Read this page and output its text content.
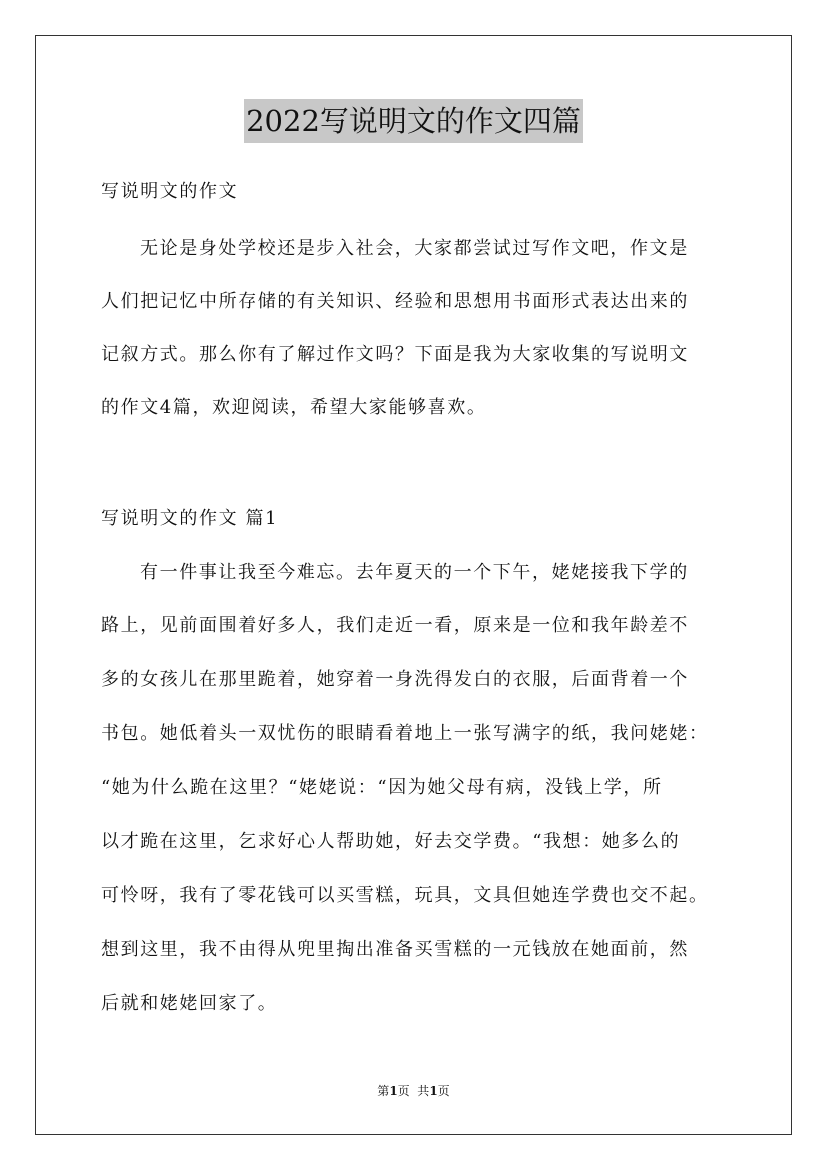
2022写说明文的作文四篇
写说明文的作文
无论是身处学校还是步入社会，大家都尝试过写作文吧，作文是
人们把记忆中所存储的有关知识、经验和思想用书面形式表达出来的
记叙方式。那么你有了解过作文吗？下面是我为大家收集的写说明文
的作文4篇，欢迎阅读，希望大家能够喜欢。
写说明文的作文 篇1
有一件事让我至今难忘。去年夏天的一个下午，姥姥接我下学的
路上，见前面围着好多人，我们走近一看，原来是一位和我年龄差不
多的女孩儿在那里跪着，她穿着一身洗得发白的衣服，后面背着一个
书包。她低着头一双忧伤的眼睛看着地上一张写满字的纸，我问姥姥：
“她为什么跪在这里？“姥姥说：“因为她父母有病，没钱上学，所
以才跪在这里，乞求好心人帮助她，好去交学费。“我想：她多么的
可怜呀，我有了零花钱可以买雪糕，玩具，文具但她连学费也交不起。
想到这里，我不由得从兜里掏出准备买雪糕的一元钱放在她面前，然
后就和姥姥回家了。
第1页  共1页
